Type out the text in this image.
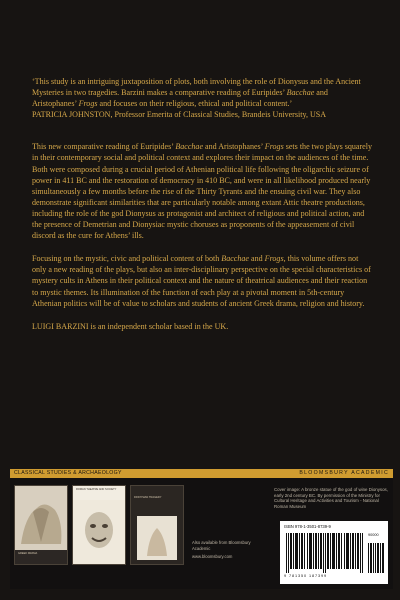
‘This study is an intriguing juxtaposition of plots, both involving the role of Dionysus and the Ancient Mysteries in two tragedies. Barzini makes a comparative reading of Euripides’ Bacchae and Aristophanes’ Frogs and focuses on their religious, ethical and political content.’

PATRICIA JOHNSTON, Professor Emerita of Classical Studies, Brandeis University, USA

This new comparative reading of Euripides’ Bacchae and Aristophanes’ Frogs sets the two plays squarely in their contemporary social and political context and explores their impact on the audiences of the time. Both were composed during a crucial period of Athenian political life following the oligarchic seizure of power in 411 BC and the restoration of democracy in 410 BC, and were in all likelihood produced nearly simultaneously a few months before the rise of the Thirty Tyrants and the ensuing civil war. They also demonstrate significant similarities that are particularly notable among extant Attic theatre productions, including the role of the god Dionysus as protagonist and architect of religious and political action, and the presence of Demetrian and Dionysiac mystic choruses as proponents of the appeasement of civil discord as the cure for Athens’ ills.

Focusing on the mystic, civic and political content of both Bacchae and Frogs, this volume offers not only a new reading of the plays, but also an inter-disciplinary perspective on the special characteristics of mystery cults in Athens in their political context and the nature of theatrical audiences and their reaction to mystic themes. Its illumination of the function of each play at a pivotal moment in 5th-century Athenian politics will be of value to scholars and students of ancient Greek drama, religion and history.

LUIGI BARZINI is an independent scholar based in the UK.

CLASSICAL STUDIES & ARCHAEOLOGY	BLOOMSBURY ACADEMIC
GREEK DRAMA
ROMAN THEATRE AND SOCIETY
DIONYSIAN TRAGEDY
Also available from Bloomsbury Academic
www.bloomsbury.com
Cover image: A bronze statue of the god of wine Dionysos, early 2nd century BC. By permission of the Ministry for Cultural Heritage and Activities and Tourism - National Roman Museum
ISBN 978-1-3501-8739-9
90000
9 781350 187399
